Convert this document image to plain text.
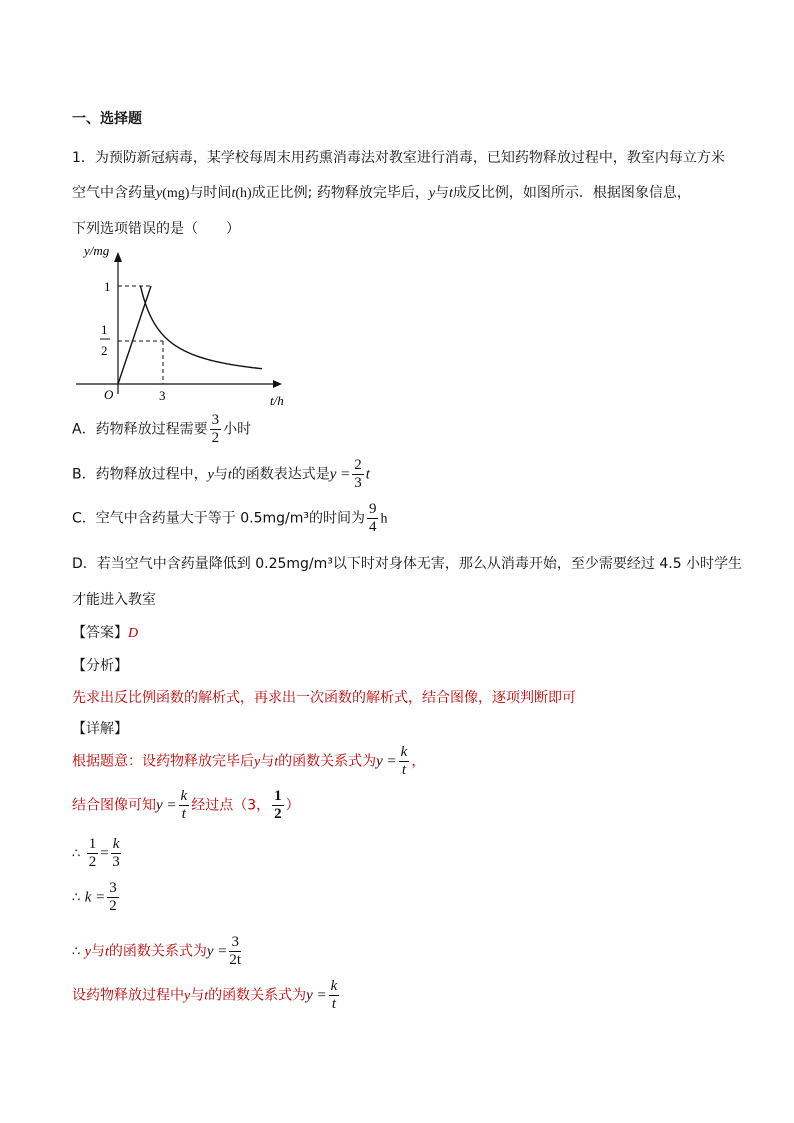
一、选择题
1．为预防新冠病毒，某学校每周末用药熏消毒法对教室进行消毒，已知药物释放过程中，教室内每立方米
空气中含药量y(mg)与时间t(h)成正比例; 药物释放完毕后，y与t成反比例，如图所示．根据图象信息，
下列选项错误的是（　　）
y/mg
t/h
O
1
1
2
3
A．药物释放过程需要 $\frac{3}{2}$ 小时
B．药物释放过程中，y与t的函数表达式是$y = \frac{2}{3}$ t
C．空气中含药量大于等于 0.5mg/m³的时间为 $\frac{9}{4}$ h
D．若当空气中含药量降低到 0.25mg/m³以下时对身体无害，那么从消毒开始，至少需要经过 4.5 小时学生
才能进入教室
【答案】D
【分析】
先求出反比例函数的解析式，再求出一次函数的解析式，结合图像，逐项判断即可
【详解】
根据题意：设药物释放完毕后y与t的函数关系式为$y = \frac{k}{t}$ ，
结合图像可知$y = \frac{k}{t}$ 经过点（3， $\frac{1}{2}$ ）
∴ $\frac{1}{2} = \frac{k}{3}$
∴ $k = \frac{3}{2}$
∴ y与t的函数关系式为$y = \frac{3}{2t}$
设药物释放过程中y与t的函数关系式为$y = \frac{k}{t}$
